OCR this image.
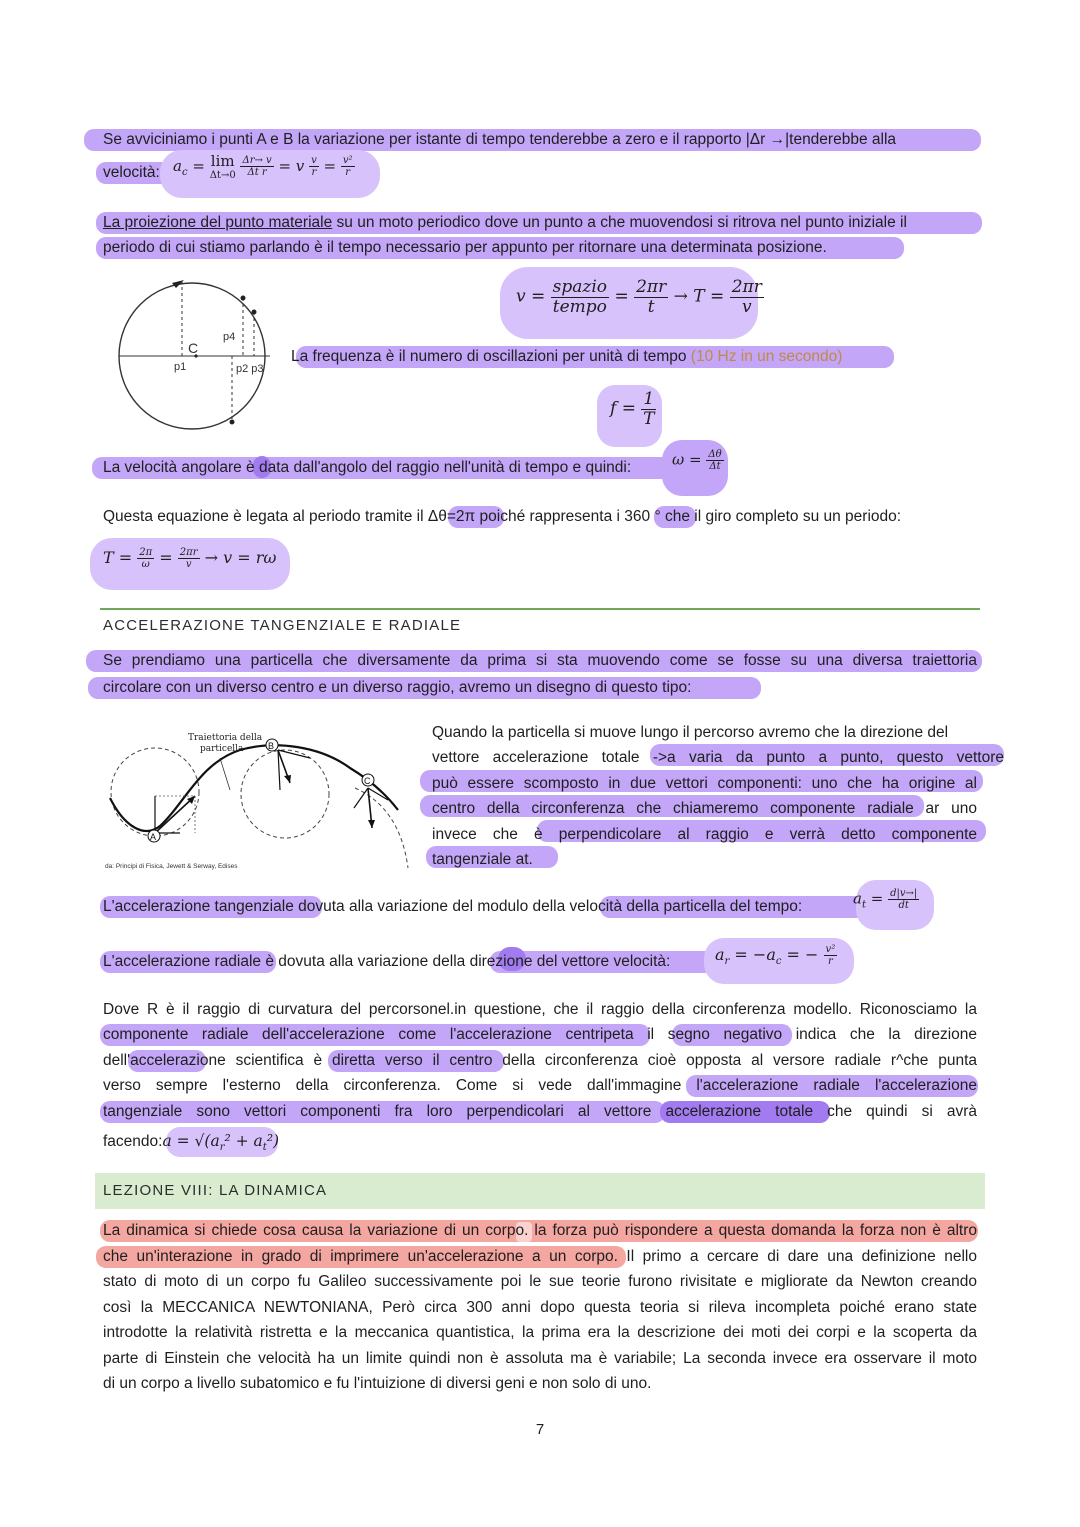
Se avviciniamo i punti A e B la variazione per istante di tempo tenderebbe a zero e il rapporto |Δr →|tenderebbe alla
velocità: $a_c = \lim$
Δt→0
$\frac{\Delta r\to v}{\text{Δt r}} = v \frac{v}{r} = \frac{\text{v²}}{r}$
La proiezione del punto materiale su un moto periodico dove un punto a che muovendosi si ritrova nel punto iniziale il
periodo di cui stiamo parlando è il tempo necessario per appunto per ritornare una determinata posizione.
C
p1	p2 p3
p4
$v = \frac{\text{spazio}}{\text{tempo}} = \frac{2\pi r}{t} \to T = \frac{2\pi r}{v}$
La frequenza è il numero di oscillazioni per unità di tempo (10 Hz in un secondo)
$f = \frac{1}{T}$
La velocità angolare è data dall'angolo del raggio nell'unità di tempo e quindi:	$\omega = \frac{\Delta\theta}{\Delta t}$
Questa equazione è legata al periodo tramite il Δθ=2π poiché rappresenta i 360 ° che il giro completo su un periodo:
$T = \frac{2\pi}{\omega} = \frac{2\pi r}{v} \to v = r\omega$
ACCELERAZIONE TANGENZIALE E RADIALE
Se prendiamo una particella che diversamente da prima si sta muovendo come se fosse su una diversa traiettoria
circolare con un diverso centro e un diverso raggio, avremo un disegno di questo tipo:
Traiettoria della
particella
A
B
C
da: Principi di Fisica, Jewett & Serway, Edises
Quando la particella si muove lungo il percorso avremo che la direzione del
vettore accelerazione totale ->a varia da punto a punto, questo vettore
può essere scomposto in due vettori componenti: uno che ha origine al
centro della circonferenza che chiameremo componente radiale ar uno
invece che è perpendicolare al raggio e verrà detto componente
tangenziale at.
L'accelerazione tangenziale dovuta alla variazione del modulo della velocità della particella del tempo:	$a_t = \frac{d|v\to|}{dt}$
L'accelerazione radiale è dovuta alla variazione della direzione del vettore velocità:	$a_r = -a_c$ = − $\frac{\text{v²}}{r}$
Dove R è il raggio di curvatura del percorsonel.in questione, che il raggio della circonferenza modello. Riconosciamo la
componente radiale dell'accelerazione come l'accelerazione centripeta il segno negativo indica che la direzione
dell'accelerazione scientifica è diretta verso il centro della circonferenza cioè opposta al versore radiale r^che punta
verso sempre l'esterno della circonferenza. Come si vede dall'immagine l'accelerazione radiale l'accelerazione
tangenziale sono vettori componenti fra loro perpendicolari al vettore accelerazione totale che quindi si avrà
facendo:a = $√(a_r^2 + a_t^2)$
LEZIONE VIII: LA DINAMICA
La dinamica si chiede cosa causa la variazione di un corpo. la forza può rispondere a questa domanda la forza non è altro
che un'interazione in grado di imprimere un'accelerazione a un corpo. Il primo a cercare di dare una definizione nello
stato di moto di un corpo fu Galileo successivamente poi le sue teorie furono rivisitate e migliorate da Newton creando
così la MECCANICA NEWTONIANA, Però circa 300 anni dopo questa teoria si rileva incompleta poiché erano state
introdotte la relatività ristretta e la meccanica quantistica, la prima era la descrizione dei moti dei corpi e la scoperta da
parte di Einstein che velocità ha un limite quindi non è assoluta ma è variabile; La seconda invece era osservare il moto
di un corpo a livello subatomico e fu l'intuizione di diversi geni e non solo di uno.
7
